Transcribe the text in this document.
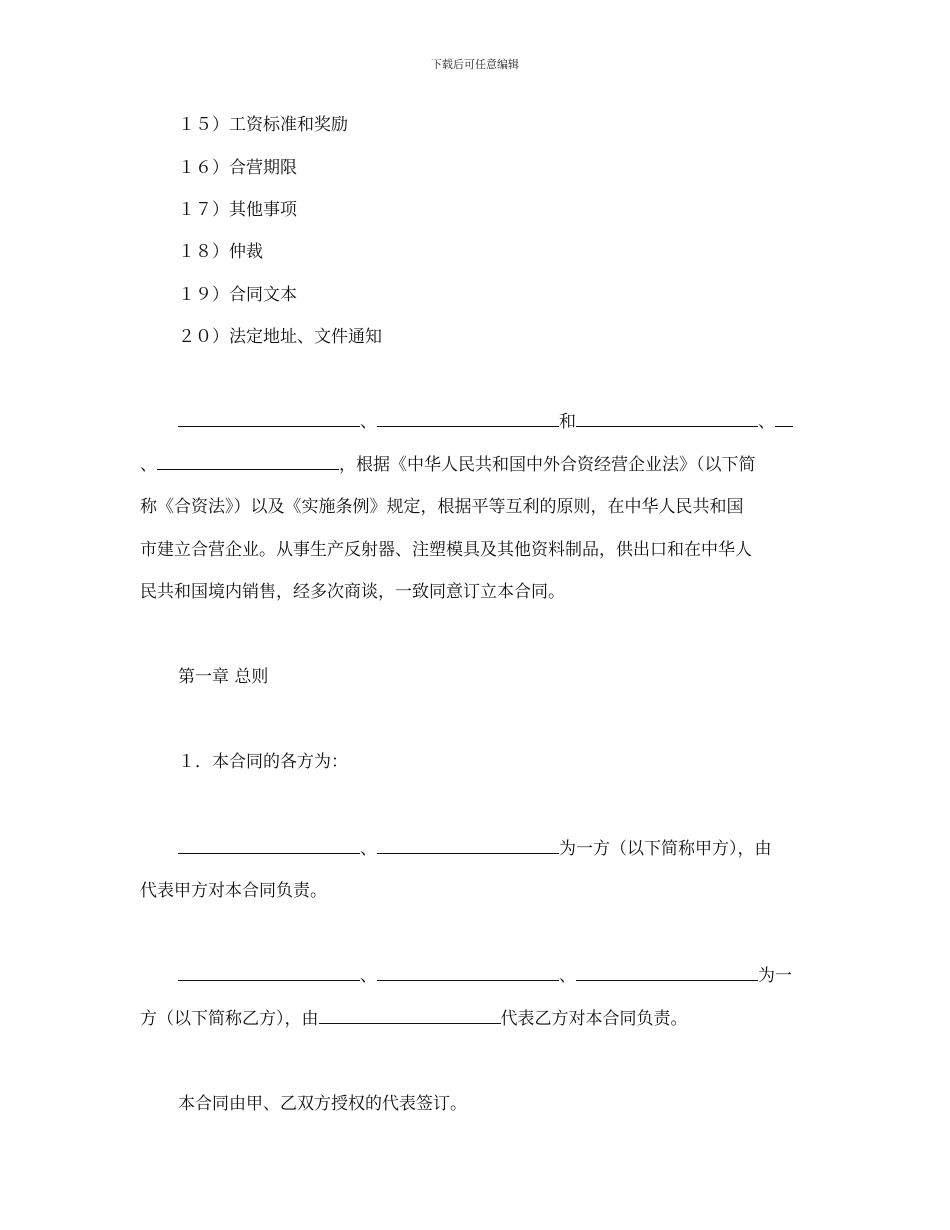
下载后可任意编辑
１５）工资标准和奖励
１６）合营期限
１７）其他事项
１８）仲裁
１９）合同文本
２０）法定地址、文件通知
、	和	、
、	，根据《中华人民共和国中外合资经营企业法》（以下简
称《合资法》）以及《实施条例》规定，根据平等互利的原则，在中华人民共和国
市建立合营企业。从事生产反射器、注塑模具及其他资料制品，供出口和在中华人
民共和国境内销售，经多次商谈，一致同意订立本合同。
第一章 总则
１．本合同的各方为：
、	为一方（以下简称甲方），由
代表甲方对本合同负责。
、	、	为一
方（以下简称乙方），由	代表乙方对本合同负责。
本合同由甲、乙双方授权的代表签订。
